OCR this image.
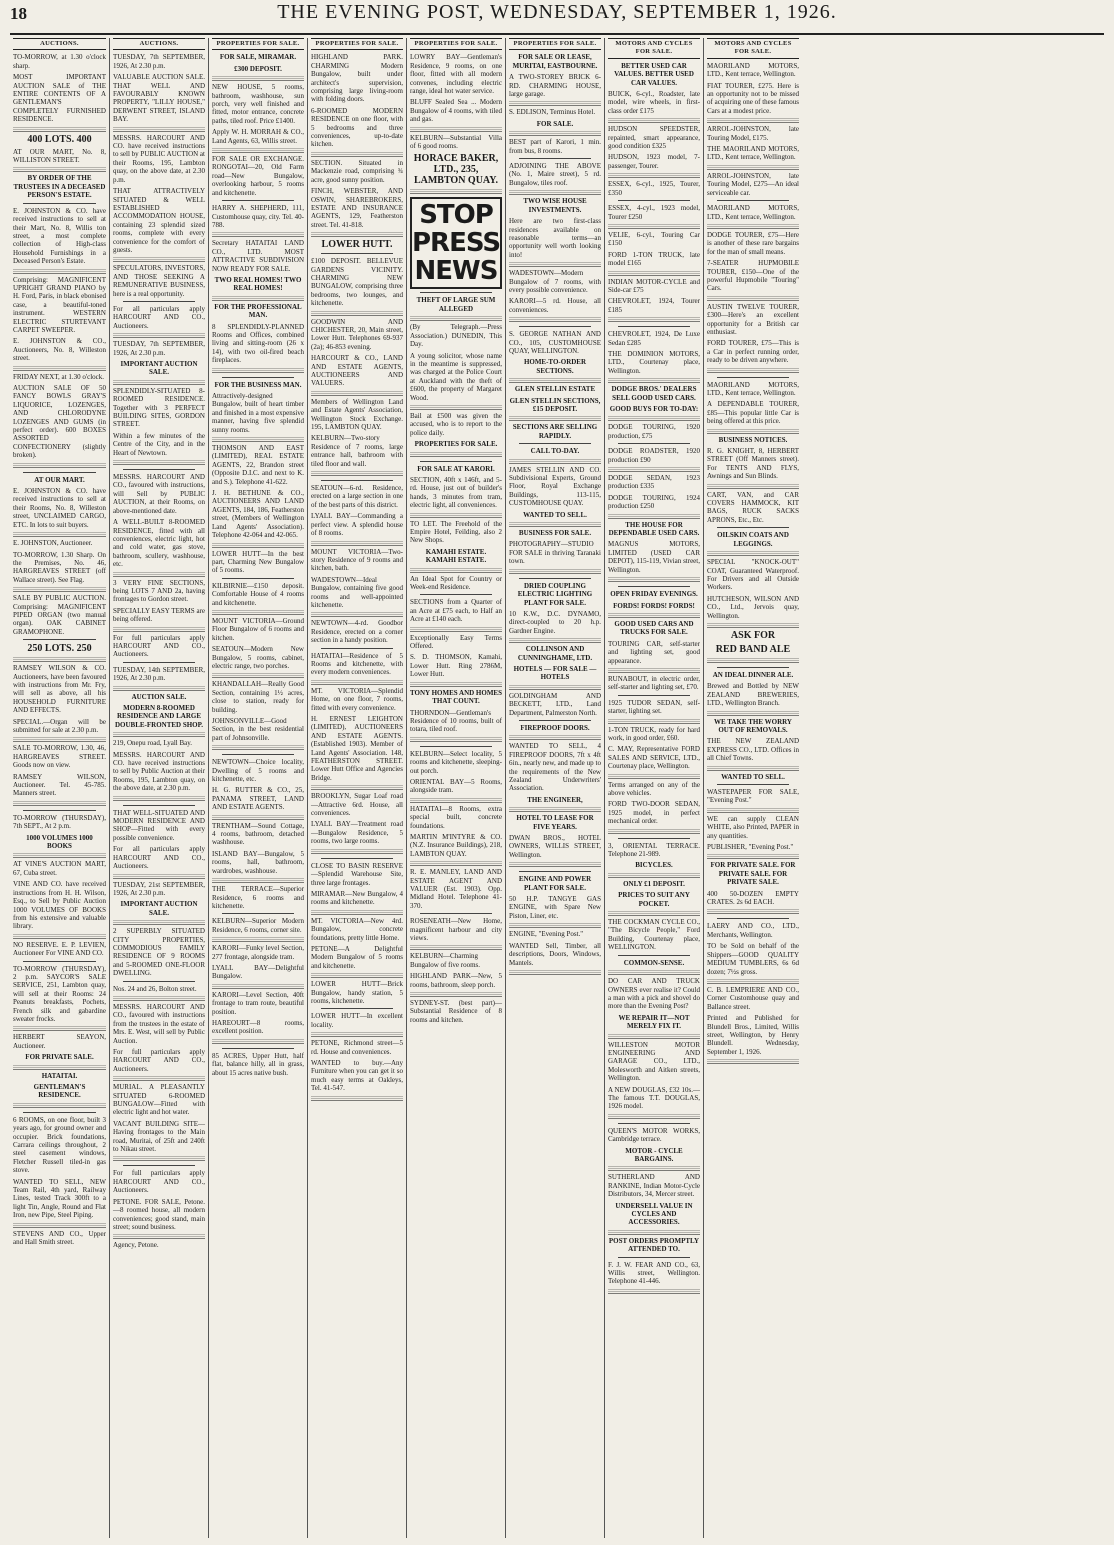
18	THE EVENING POST, WEDNESDAY, SEPTEMBER 1, 1926.
AUCTIONS.
TO-MORROW, at 1.30 o'clock sharp.
MOST IMPORTANT AUCTION SALE of THE ENTIRE CONTENTS OF A GENTLEMAN'S COMPLETELY FURNISHED RESIDENCE.
400 LOTS. 400
AT OUR MART, No. 8, WILLISTON STREET.
BY ORDER OF THE TRUSTEES IN A DECEASED PERSON'S ESTATE.
E. JOHNSTON & CO. have received instructions to sell at their Mart, No. 8, Willis ton street, a most complete collection of High-class Household Furnishings in a Deceased Person's Estate.
Comprising: MAGNIFICENT UPRIGHT GRAND PIANO by H. Ford, Paris, in black ebonised case, a beautiful-toned instrument. WESTERN ELECTRIC STURTEVANT CARPET SWEEPER.
E. JOHNSTON & CO., Auctioneers, No. 8, Willeston street.
FRIDAY NEXT, at 1.30 o'clock.
AUCTION SALE OF 50 FANCY BOWLS GRAY'S LIQUORICE, LOZENGES, AND CHLORODYNE LOZENGES AND GUMS (in perfect order). 600 BOXES ASSORTED CONFECTIONERY (slightly broken).
AT OUR MART.
E. JOHNSTON & CO. have received instructions to sell at their Rooms, No. 8, Willeston street, UNCLAIMED CARGO, ETC. In lots to suit buyers.
E. JOHNSTON, Auctioneer.
TO-MORROW, 1.30 Sharp. On the Premises, No. 46, HARGREAVES STREET (off Wallace street). See Flag.
SALE BY PUBLIC AUCTION. Comprising: MAGNIFICENT PIPED ORGAN (two manual organ). OAK CABINET GRAMOPHONE.
250 LOTS. 250
RAMSEY WILSON & CO. Auctioneers, have been favoured with instructions from Mr. Fry, will sell as above, all his HOUSEHOLD FURNITURE AND EFFECTS.
SPECIAL.—Organ will be submitted for sale at 2.30 p.m.
SALE TO-MORROW, 1.30, 46, HARGREAVES STREET. Goods now on view.
RAMSEY WILSON, Auctioneer. Tel. 45-785. Manners street.
TO-MORROW (THURSDAY), 7th SEPT., At 2 p.m.
1000 VOLUMES 1000 BOOKS
AT VINE'S AUCTION MART, 67, Cuba street.
VINE AND CO. have received instructions from H. H. Wilson, Esq., to Sell by Public Auction 1000 VOLUMES OF BOOKS from his extensive and valuable library.
NO RESERVE. E. P. LEVIEN, Auctioneer For VINE AND CO.
TO-MORROW (THURSDAY), 2 p.m. SAYCOR'S SALE SERVICE, 251, Lambton quay, will sell at their Rooms: 24 Peanuts breakfasts, Pochets, French silk and gabardine sweater frocks.
HERBERT SEAYON, Auctioneer.
FOR PRIVATE SALE.
HATAITAI.
GENTLEMAN'S RESIDENCE.
6 ROOMS, on one floor, built 3 years ago, for ground owner and occupier. Brick foundations, Carrara ceilings throughout, 2 steel casement windows, Fletcher Russell tiled-in gas stove.
WANTED TO SELL, NEW Team Rail, 4th yard, Railway Lines, tested Track 300ft to a light Tin, Angle, Round and Flat Iron, new Pipe, Steel Piping.
STEVENS AND CO., Upper and Hall Smith street.
AUCTIONS.
TUESDAY, 7th SEPTEMBER, 1926, At 2.30 p.m.
VALUABLE AUCTION SALE. THAT WELL AND FAVOURABLY KNOWN PROPERTY, "LILLY HOUSE," DERWENT STREET, ISLAND BAY.
MESSRS. HARCOURT AND CO. have received instructions to sell by PUBLIC AUCTION at their Rooms, 195, Lambton quay, on the above date, at 2.30 p.m.
THAT ATTRACTIVELY SITUATED & WELL ESTABLISHED ACCOMMODATION HOUSE, containing 23 splendid sized rooms, complete with every convenience for the comfort of guests.
SPECULATORS, INVESTORS, AND THOSE SEEKING A REMUNERATIVE BUSINESS, here is a real opportunity.
For all particulars apply HARCOURT AND CO., Auctioneers.
TUESDAY, 7th SEPTEMBER, 1926, At 2.30 p.m.
IMPORTANT AUCTION SALE.
SPLENDIDLY-SITUATED 8-ROOMED RESIDENCE. Together with 3 PERFECT BUILDING SITES, GORDON STREET.
Within a few minutes of the Centre of the City, and in the Heart of Newtown.
MESSRS. HARCOURT AND CO., favoured with instructions, will Sell by PUBLIC AUCTION, at their Rooms, on above-mentioned date.
A WELL-BUILT 8-ROOMED RESIDENCE, fitted with all conveniences, electric light, hot and cold water, gas stove, bathroom, scullery, washhouse, etc.
3 VERY FINE SECTIONS, being LOTS 7 AND 2a, having frontages to Gordon street.
SPECIALLY EASY TERMS are being offered.
For full particulars apply HARCOURT AND CO., Auctioneers.
TUESDAY, 14th SEPTEMBER, 1926, At 2.30 p.m.
AUCTION SALE.
MODERN 8-ROOMED RESIDENCE AND LARGE DOUBLE-FRONTED SHOP.
219, Onepu road, Lyall Bay.
MESSRS. HARCOURT AND CO. have received instructions to sell by Public Auction at their Rooms, 195, Lambton quay, on the above date, at 2.30 p.m.
THAT WELL-SITUATED AND MODERN RESIDENCE AND SHOP—Fitted with every possible convenience.
For all particulars apply HARCOURT AND CO., Auctioneers.
TUESDAY, 21st SEPTEMBER, 1926, At 2.30 p.m.
IMPORTANT AUCTION SALE.
2 SUPERBLY SITUATED CITY PROPERTIES, COMMODIOUS FAMILY RESIDENCE OF 9 ROOMS and 5-ROOMED ONE-FLOOR DWELLING.
Nos. 24 and 26, Bolton street.
MESSRS. HARCOURT AND CO., favoured with instructions from the trustees in the estate of Mrs. E. West, will sell by Public Auction.
For full particulars apply HARCOURT AND CO., Auctioneers.
MURIAL. A PLEASANTLY SITUATED 6-ROOMED BUNGALOW—Fitted with electric light and hot water.
VACANT BUILDING SITE—Having frontages to the Main road, Muritai, of 25ft and 240ft to Nikau street.
For full particulars apply HARCOURT AND CO., Auctioneers.
PETONE. FOR SALE, Petone.—8 roomed house, all modern conveniences; good stand, main street; sound business.
Agency, Petone.
PROPERTIES FOR SALE.
FOR SALE, MIRAMAR.
£300 DEPOSIT.
NEW HOUSE, 5 rooms, bathroom, washhouse, sun porch, very well finished and fitted, motor entrance, concrete paths, tiled roof. Price £1400.
Apply W. H. MORRAH & CO., Land Agents, 63, Willis street.
FOR SALE OR EXCHANGE. RONGOTAI—20, Old Farm road—New Bungalow, overlooking harbour, 5 rooms and kitchenette.
HARRY A. SHEPHERD, 111, Customhouse quay, city. Tel. 40-788.
Secretary HATAITAI LAND CO., LTD. MOST ATTRACTIVE SUBDIVISION NOW READY FOR SALE.
TWO REAL HOMES! TWO REAL HOMES!
FOR THE PROFESSIONAL MAN.
8 SPLENDIDLY-PLANNED Rooms and Offices, combined living and sitting-room (26 x 14), with two oil-fired beach fireplaces.
FOR THE BUSINESS MAN.
Attractively-designed Bungalow, built of heart timber and finished in a most expensive manner, having five splendid sunny rooms.
THOMSON AND EAST (LIMITED), REAL ESTATE AGENTS, 22, Brandon street (Opposite D.I.C. and next to K. and S.). Telephone 41-622.
J. H. BETHUNE & CO., AUCTIONEERS AND LAND AGENTS, 184, 186, Featherston street, (Members of Wellington Land Agents' Association). Telephone 42-064 and 42-065.
LOWER HUTT—In the best part, Charming New Bungalow of 5 rooms.
KILBIRNIE—£150 deposit. Comfortable House of 4 rooms and kitchenette.
MOUNT VICTORIA—Ground Floor Bungalow of 6 rooms and kitchen.
SEATOUN—Modern New Bungalow, 5 rooms, cabinet, electric range, two porches.
KHANDALLAH—Really Good Section, containing 1½ acres, close to station, ready for building.
JOHNSONVILLE—Good Section, in the best residential part of Johnsonville.
NEWTOWN—Choice locality, Dwelling of 5 rooms and kitchenette, etc.
H. G. RUTTER & CO., 25, PANAMA STREET, LAND AND ESTATE AGENTS.
TRENTHAM—Sound Cottage, 4 rooms, bathroom, detached washhouse.
ISLAND BAY—Bungalow, 5 rooms, hall, bathroom, wardrobes, washhouse.
THE TERRACE—Superior Residence, 6 rooms and kitchenette.
KELBURN—Superior Modern Residence, 6 rooms, corner site.
KARORI—Funky level Section, 277 frontage, alongside tram.
LYALL BAY—Delightful Bungalow.
KARORI—Level Section, 40ft frontage to tram route, beautiful position.
HAREOURT—8 rooms, excellent position.
85 ACRES, Upper Hutt, half flat, balance hilly, all in grass, about 15 acres native bush.
PROPERTIES FOR SALE.
HIGHLAND PARK. CHARMING Modern Bungalow, built under architect's supervision, comprising large living-room with folding doors.
6-ROOMED MODERN RESIDENCE on one floor, with 5 bedrooms and three conveniences, up-to-date kitchen.
SECTION. Situated in Mackenzie road, comprising ¾ acre, good sunny position.
FINCH, WEBSTER, AND OSWIN, SHAREBROKERS, ESTATE AND INSURANCE AGENTS, 129, Featherston street. Tel. 41-818.
LOWER HUTT.
£100 DEPOSIT. BELLEVUE GARDENS VICINITY. CHARMING NEW BUNGALOW, comprising three bedrooms, two lounges, and kitchenette.
GOODWIN AND CHICHESTER, 20, Main street, Lower Hutt. Telephones 69-937 (2a); 46-853 evening.
HARCOURT & CO., LAND AND ESTATE AGENTS, AUCTIONEERS AND VALUERS.
Members of Wellington Land and Estate Agents' Association, Wellington Stock Exchange. 195, LAMBTON QUAY.
KELBURN—Two-story Residence of 7 rooms, large entrance hall, bathroom with tiled floor and wall.
SEATOUN—6-rd. Residence, erected on a large section in one of the best parts of this district.
LYALL BAY—Commanding a perfect view. A splendid house of 8 rooms.
MOUNT VICTORIA—Two-story Residence of 9 rooms and kitchen, bath.
WADESTOWN—Ideal Bungalow, containing five good rooms and well-appointed kitchenette.
NEWTOWN—4-rd. Goodbor Residence, erected on a corner section in a handy position.
HATAITAI—Residence of 5 Rooms and kitchenette, with every modern conveniences.
MT. VICTORIA—Splendid Home, on one floor, 7 rooms, fitted with every convenience.
H. ERNEST LEIGHTON (LIMITED), AUCTIONEERS AND ESTATE AGENTS. (Established 1903). Member of Land Agents' Association. 148, FEATHERSTON STREET. Lower Hutt Office and Agencies Bridge.
BROOKLYN, Sugar Loaf road—Attractive 6rd. House, all conveniences.
LYALL BAY—Treatment road—Bungalow Residence, 5 rooms, two large rooms.
CLOSE TO BASIN RESERVE—Splendid Warehouse Site, three large frontages.
MIRAMAR—New Bungalow, 4 rooms and kitchenette.
MT. VICTORIA—New 4rd. Bungalow, concrete foundations, pretty little Home.
PETONE—A Delightful Modern Bungalow of 5 rooms and kitchenette.
LOWER HUTT—Brick Bungalow, handy station, 5 rooms, kitchenette.
LOWER HUTT—In excellent locality.
PETONE, Richmond street—5 rd. House and conveniences.
WANTED to buy.—Any Furniture when you can get it so much easy terms at Oakleys, Tel. 41-547.
PROPERTIES FOR SALE.
LOWRY BAY—Gentleman's Residence, 9 rooms, on one floor, fitted with all modern convenes, including electric range, ideal hot water service.
BLUFF Sealed Sea ... Modern Bungalow of 4 rooms, with tiled and gas.
KELBURN—Substantial Villa of 6 good rooms.
HORACE BAKER, LTD., 235, LAMBTON QUAY.
STOP PRESS NEWS
THEFT OF LARGE SUM ALLEGED
(By Telegraph.—Press Association.) DUNEDIN, This Day.
A young solicitor, whose name in the meantime is suppressed, was charged at the Police Court at Auckland with the theft of £600, the property of Margaret Wood.
Bail at £500 was given the accused, who is to report to the police daily.
PROPERTIES FOR SALE.
FOR SALE AT KARORI.
SECTION, 40ft x 146ft, and 5-rd. House, just out of builder's hands, 3 minutes from tram, electric light, all conveniences.
TO LET. The Freehold of the Empire Hotel, Feilding, also 2 New Shops.
KAMAHI ESTATE. KAMAHI ESTATE.
An Ideal Spot for Country or Week-end Residence.
SECTIONS from a Quarter of an Acre at £75 each, to Half an Acre at £140 each.
Exceptionally Easy Terms Offered.
S. D. THOMSON, Kamahi, Lower Hutt. Ring 2786M, Lower Hutt.
TONY HOMES AND HOMES THAT COUNT.
THORNDON—Gentleman's Residence of 10 rooms, built of totara, tiled roof.
KELBURN—Select locality, 5 rooms and kitchenette, sleeping-out porch.
ORIENTAL BAY—5 Rooms, alongside tram.
HATAITAI—8 Rooms, extra special built, concrete foundations.
MARTIN M'INTYRE & CO. (N.Z. Insurance Buildings), 218, LAMBTON QUAY.
R. E. MANLEY, LAND AND ESTATE AGENT AND VALUER (Est. 1903). Opp. Midland Hotel. Telephone 41-370.
ROSENEATH—New Home, magnificent harbour and city views.
KELBURN—Charming Bungalow of five rooms.
HIGHLAND PARK—New, 5 rooms, bathroom, sleep porch.
SYDNEY-ST. (best part)—Substantial Residence of 8 rooms and kitchen.
PROPERTIES FOR SALE.
FOR SALE OR LEASE, MURITAI, EASTBOURNE.
A TWO-STOREY BRICK 6-RD. CHARMING HOUSE, large garage.
S. EDLISON, Terminus Hotel.
FOR SALE.
BEST part of Karori, 1 min. from bus, 8 rooms.
ADJOINING THE ABOVE (No. 1, Maire street), 5 rd. Bungalow, tiles roof.
TWO WISE HOUSE INVESTMENTS.
Here are two first-class residences available on reasonable terms—an opportunity well worth looking into!
WADESTOWN—Modern Bungalow of 7 rooms, with every possible convenience.
KARORI—5 rd. House, all conveniences.
S. GEORGE NATHAN AND CO., 105, CUSTOMHOUSE QUAY, WELLINGTON.
HOME-TO-ORDER SECTIONS.
GLEN STELLIN ESTATE
GLEN STELLIN SECTIONS, £15 DEPOSIT.
SECTIONS ARE SELLING RAPIDLY.
CALL TO-DAY.
JAMES STELLIN AND CO. Subdivisional Experts, Ground Floor, Royal Exchange Buildings, 113-115, CUSTOMHOUSE QUAY.
WANTED TO SELL.
BUSINESS FOR SALE.
PHOTOGRAPHY—STUDIO FOR SALE in thriving Taranaki town.
DRIED COUPLING ELECTRIC LIGHTING PLANT FOR SALE.
10 K.W., D.C. DYNAMO, direct-coupled to 20 h.p. Gardner Engine.
COLLINSON AND CUNNINGHAME, LTD.
HOTELS — FOR SALE — HOTELS
GOLDINGHAM AND BECKETT, LTD., Land Department, Palmerston North.
FIREPROOF DOORS.
WANTED TO SELL, 4 FIREPROOF DOORS, 7ft x 4ft 6in., nearly new, and made up to the requirements of the New Zealand Underwriters' Association.
THE ENGINEER,
HOTEL TO LEASE FOR FIVE YEARS.
DWAN BROS., HOTEL OWNERS, WILLIS STREET, Wellington.
ENGINE AND POWER PLANT FOR SALE.
50 H.P. TANGYE GAS ENGINE, with Spare New Piston, Liner, etc.
ENGINE, "Evening Post."
WANTED Sell, Timber, all descriptions, Doors, Windows, Mantels.
MOTORS AND CYCLES FOR SALE.
BETTER USED CAR VALUES. BETTER USED CAR VALUES.
BUICK, 6-cyl., Roadster, late model, wire wheels, in first-class order £175
HUDSON SPEEDSTER, repainted, smart appearance, good condition £325
HUDSON, 1923 model, 7-passenger, Tourer.
ESSEX, 6-cyl., 1925, Tourer, £350
ESSEX, 4-cyl., 1923 model, Tourer £250
VELIE, 6-cyl., Touring Car £150
FORD 1-TON TRUCK, late model £165
INDIAN MOTOR-CYCLE and Side-car £75
CHEVROLET, 1924, Tourer £185
CHEVROLET, 1924, De Luxe Sedan £285
THE DOMINION MOTORS, LTD., Courtenay place, Wellington.
DODGE BROS.' DEALERS SELL GOOD USED CARS.
GOOD BUYS FOR TO-DAY:
DODGE TOURING, 1920 production, £75
DODGE ROADSTER, 1920 production £90
DODGE SEDAN, 1923 production £335
DODGE TOURING, 1924 production £250
THE HOUSE FOR DEPENDABLE USED CARS.
MAGNUS MOTORS, LIMITED (USED CAR DEPOT), 115-119, Vivian street, Wellington.
OPEN FRIDAY EVENINGS.
FORDS! FORDS! FORDS!
GOOD USED CARS AND TRUCKS FOR SALE.
TOURING CAR, self-starter and lighting set, good appearance.
RUNABOUT, in electric order, self-starter and lighting set, £70.
1925 TUDOR SEDAN, self-starter, lighting set.
1-TON TRUCK, ready for hard work, in good order, £60.
C. MAY, Representative FORD SALES AND SERVICE, LTD., Courtenay place, Wellington.
Terms arranged on any of the above vehicles.
FORD TWO-DOOR SEDAN, 1925 model, in perfect mechanical order.
3, ORIENTAL TERRACE. Telephone 21-989.
BICYCLES.
ONLY £1 DEPOSIT.
PRICES TO SUIT ANY POCKET.
THE COCKMAN CYCLE CO., "The Bicycle People," Ford Building, Courtenay place, WELLINGTON.
COMMON-SENSE.
DO CAR AND TRUCK OWNERS ever realise it? Could a man with a pick and shovel do more than the Evening Post?
WE REPAIR IT—NOT MERELY FIX IT.
WILLESTON MOTOR ENGINEERING AND GARAGE CO., LTD., Molesworth and Aitken streets, Wellington.
A NEW DOUGLAS, £32 10s.—The famous T.T. DOUGLAS, 1926 model.
QUEEN'S MOTOR WORKS, Cambridge terrace.
MOTOR - CYCLE BARGAINS.
SUTHERLAND AND RANKINE, Indian Motor-Cycle Distributors, 34, Mercer street.
UNDERSELL VALUE IN CYCLES AND ACCESSORIES.
POST ORDERS PROMPTLY ATTENDED TO.
F. J. W. FEAR AND CO., 63, Willis street, Wellington. Telephone 41-446.
MOTORS AND CYCLES FOR SALE.
MAORILAND MOTORS, LTD., Kent terrace, Wellington.
FIAT TOURER, £275. Here is an opportunity not to be missed of acquiring one of these famous Cars at a modest price.
ARROL-JOHNSTON, late Touring Model, £175.
THE MAORILAND MOTORS, LTD., Kent terrace, Wellington.
ARROL-JOHNSTON, late Touring Model, £275—An ideal serviceable car.
MAORILAND MOTORS, LTD., Kent terrace, Wellington.
DODGE TOURER, £75—Here is another of these rare bargains for the man of small means.
7-SEATER HUPMOBILE TOURER, £150—One of the powerful Hupmobile "Touring" Cars.
AUSTIN TWELVE TOURER, £300—Here's an excellent opportunity for a British car enthusiast.
FORD TOURER, £75—This is a Car in perfect running order, ready to be driven anywhere.
MAORILAND MOTORS, LTD., Kent terrace, Wellington.
A DEPENDABLE TOURER, £85—This popular little Car is being offered at this price.
BUSINESS NOTICES.
R. G. KNIGHT, 8, HERBERT STREET (Off Manners street). For TENTS AND FLYS, Awnings and Sun Blinds.
CART, VAN, and CAR COVERS HAMMOCK, KIT BAGS, RUCK SACKS APRONS, Etc., Etc.
OILSKIN COATS AND LEGGINGS.
SPECIAL "KNOCK-OUT" COAT, Guaranteed Waterproof. For Drivers and all Outside Workers.
HUTCHESON, WILSON AND CO., Ltd., Jervois quay, Wellington.
ASK FOR
RED BAND ALE
AN IDEAL DINNER ALE.
Brewed and Bottled by NEW ZEALAND BREWERIES, LTD., Wellington Branch.
WE TAKE THE WORRY OUT OF REMOVALS.
THE NEW ZEALAND EXPRESS CO., LTD. Offices in all Chief Towns.
WANTED TO SELL.
WASTEPAPER FOR SALE, "Evening Post."
WE can supply CLEAN WHITE, also Printed, PAPER in any quantities.
PUBLISHER, "Evening Post."
FOR PRIVATE SALE. FOR PRIVATE SALE. FOR PRIVATE SALE.
400 50-DOZEN EMPTY CRATES. 2s 6d EACH.
LAERY AND CO., LTD., Merchants, Wellington.
TO be Sold on behalf of the Shippers—GOOD QUALITY MEDIUM TUMBLERS, 6s 6d dozen; 7½s gross.
C. B. LEMPRIERE AND CO., Corner Customhouse quay and Ballance street.
Printed and Published for Blundell Bros., Limited, Willis street, Wellington, by Henry Blundell. Wednesday, September 1, 1926.
